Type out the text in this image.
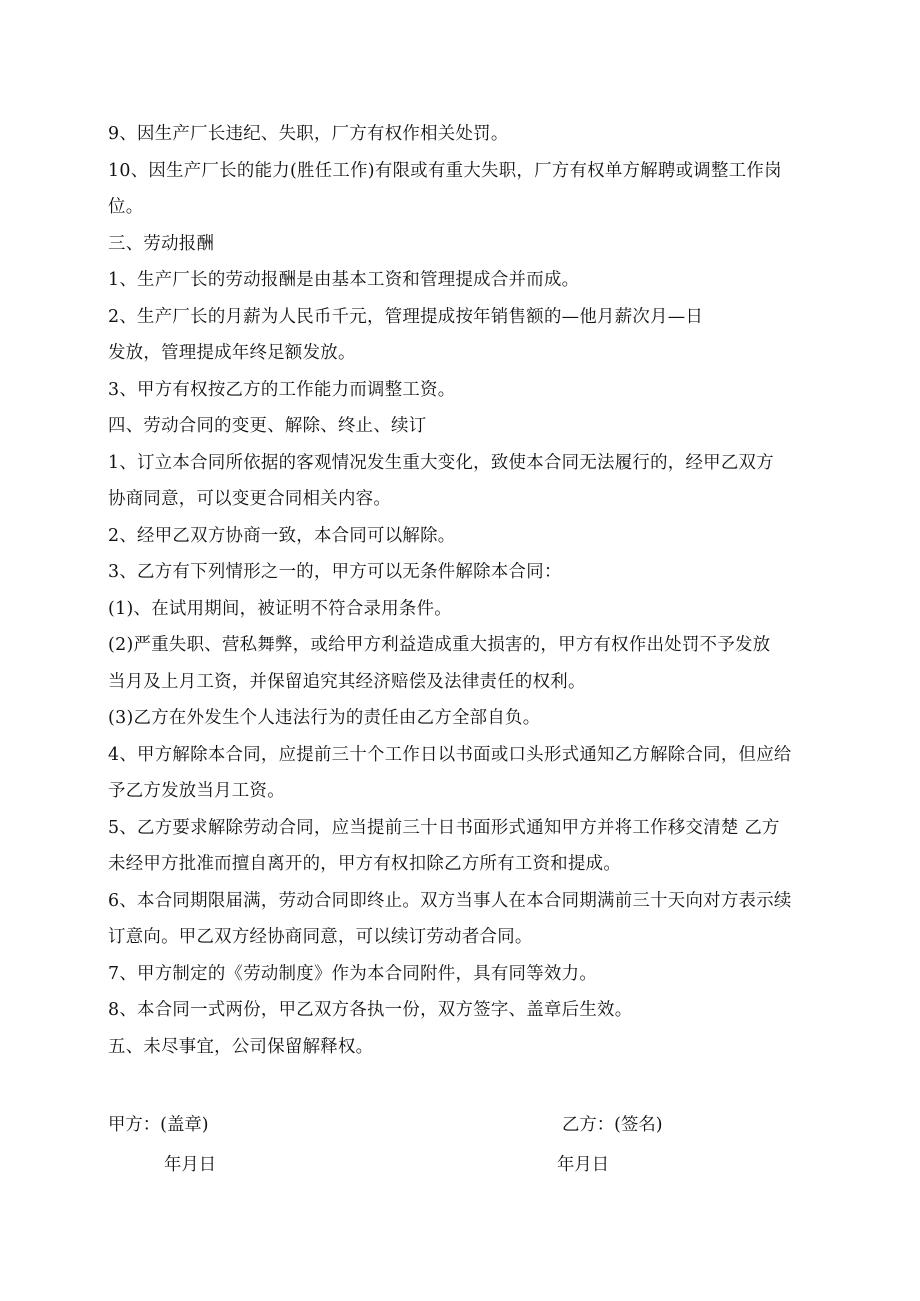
9、因生产厂长违纪、失职，厂方有权作相关处罚。
10、因生产厂长的能力(胜任工作)有限或有重大失职，厂方有权单方解聘或调整工作岗
位。
三、劳动报酬
1、生产厂长的劳动报酬是由基本工资和管理提成合并而成。
2、生产厂长的月薪为人民币千元，管理提成按年销售额的—他月薪次月—日
发放，管理提成年终足额发放。
3、甲方有权按乙方的工作能力而调整工资。
四、劳动合同的变更、解除、终止、续订
1、订立本合同所依据的客观情况发生重大变化，致使本合同无法履行的，经甲乙双方
协商同意，可以变更合同相关内容。
2、经甲乙双方协商一致，本合同可以解除。
3、乙方有下列情形之一的，甲方可以无条件解除本合同：
(1)、在试用期间，被证明不符合录用条件。
(2)严重失职、营私舞弊，或给甲方利益造成重大损害的，甲方有权作出处罚不予发放
当月及上月工资，并保留追究其经济赔偿及法律责任的权利。
(3)乙方在外发生个人违法行为的责任由乙方全部自负。
4、甲方解除本合同，应提前三十个工作日以书面或口头形式通知乙方解除合同，但应给
予乙方发放当月工资。
5、乙方要求解除劳动合同，应当提前三十日书面形式通知甲方并将工作移交清楚 乙方
未经甲方批准而擅自离开的，甲方有权扣除乙方所有工资和提成。
6、本合同期限届满，劳动合同即终止。双方当事人在本合同期满前三十天向对方表示续
订意向。甲乙双方经协商同意，可以续订劳动者合同。
7、甲方制定的《劳动制度》作为本合同附件，具有同等效力。
8、本合同一式两份，甲乙双方各执一份，双方签字、盖章后生效。
五、未尽事宜，公司保留解释权。
甲方：(盖章)	乙方：(签名)
年月日	年月日
